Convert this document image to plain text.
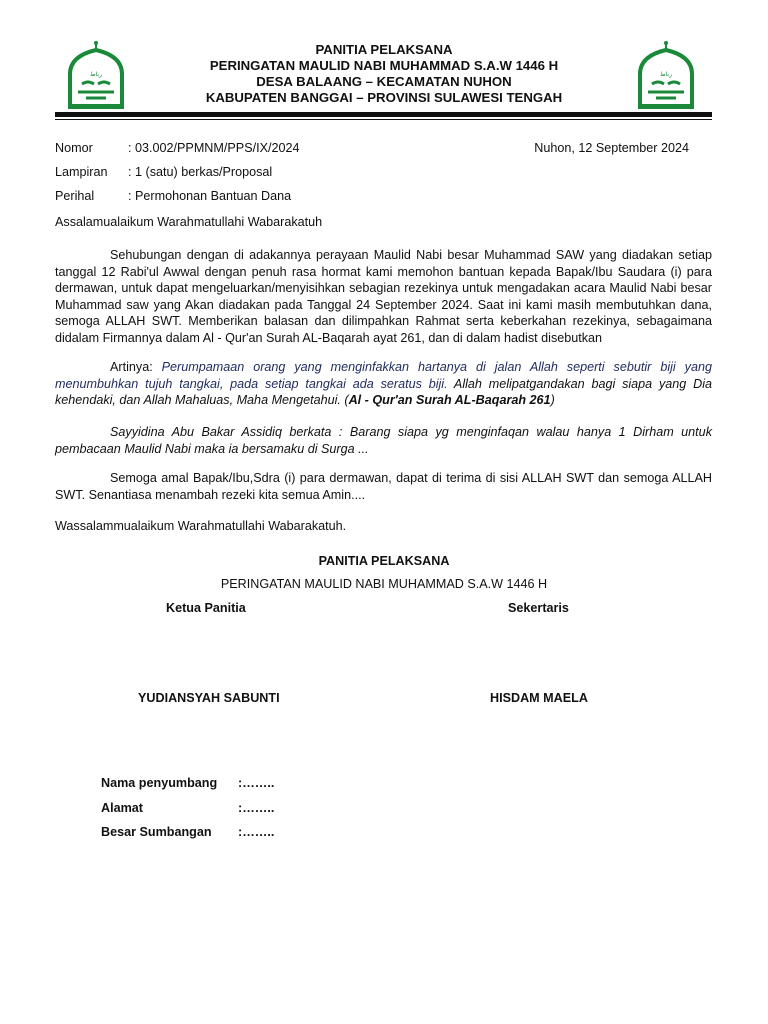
ﺭﺑﺎﻁ	ﺭﺑﺎﻁ
PANITIA PELAKSANA
PERINGATAN MAULID NABI MUHAMMAD S.A.W 1446 H
DESA BALAANG – KECAMATAN NUHON
KABUPATEN BANGGAI – PROVINSI SULAWESI TENGAH
Nomor	: 03.002/PPMNM/PPS/IX/2024	Nuhon, 12 September 2024
Lampiran : 1 (satu) berkas/Proposal
Perihal	: Permohonan Bantuan Dana
Assalamualaikum Warahmatullahi Wabarakatuh
Sehubungan dengan di adakannya perayaan Maulid Nabi besar Muhammad SAW yang diadakan setiap tanggal 12 Rabi'ul Awwal dengan penuh rasa hormat kami memohon bantuan kepada Bapak/Ibu Saudara (i) para dermawan, untuk dapat mengeluarkan/menyisihkan sebagian rezekinya untuk mengadakan acara Maulid Nabi besar Muhammad saw yang Akan diadakan pada Tanggal 24 September 2024. Saat ini kami masih membutuhkan dana, semoga ALLAH SWT. Memberikan balasan dan dilimpahkan Rahmat serta keberkahan rezekinya, sebagaimana didalam Firmannya dalam Al - Qur'an Surah AL-Baqarah ayat 261, dan di dalam hadist disebutkan
Artinya: Perumpamaan orang yang menginfakkan hartanya di jalan Allah seperti sebutir biji yang menumbuhkan tujuh tangkai, pada setiap tangkai ada seratus biji. Allah melipatgandakan bagi siapa yang Dia kehendaki, dan Allah Mahaluas, Maha Mengetahui. (Al - Qur'an Surah AL-Baqarah 261)
Sayyidina Abu Bakar Assidiq berkata : Barang siapa yg menginfaqan walau hanya 1 Dirham untuk pembacaan Maulid Nabi maka ia bersamaku di Surga ...
Semoga amal Bapak/Ibu,Sdra (i) para dermawan, dapat di terima di sisi ALLAH SWT dan semoga ALLAH SWT. Senantiasa menambah rezeki kita semua Amin....
Wassalammualaikum Warahmatullahi Wabarakatuh.
PANITIA PELAKSANA
PERINGATAN MAULID NABI MUHAMMAD S.A.W 1446 H
Ketua Panitia	Sekertaris
YUDIANSYAH SABUNTI	HISDAM MAELA
Nama penyumbang :……..
Alamat	:……..
Besar Sumbangan :……..
